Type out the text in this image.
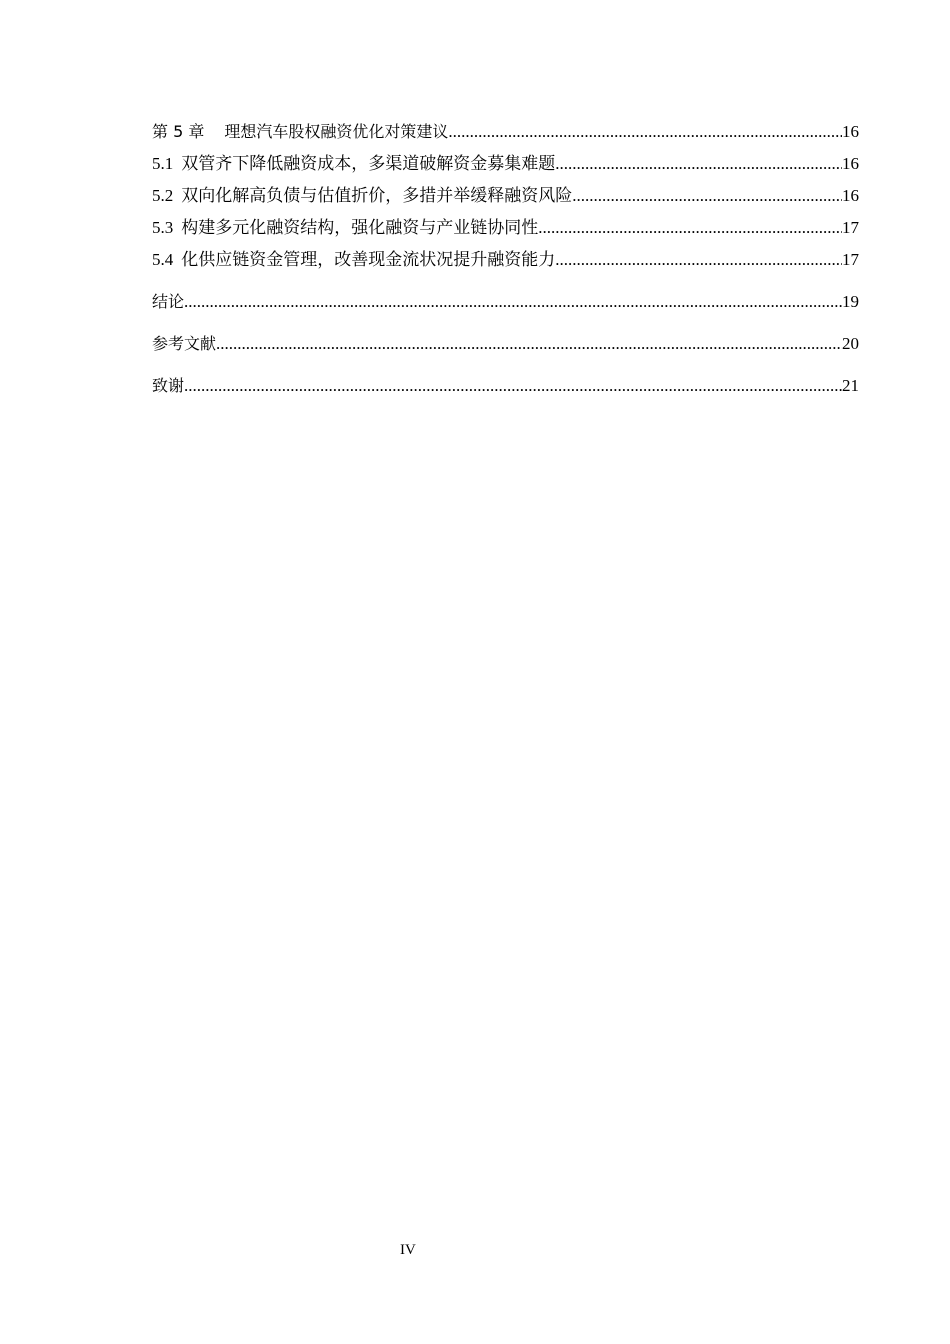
第 5 章 理想汽车股权融资优化对策建议 .....	16
5.1 双管齐下降低融资成本，多渠道破解资金募集难题 .....	16
5.2 双向化解高负债与估值折价，多措并举缓释融资风险 .....	16
5.3 构建多元化融资结构，强化融资与产业链协同性 .....	17
5.4 化供应链资金管理，改善现金流状况提升融资能力 .....	17
结论 .....	19
参考文献 .....	20
致谢 .....	21
IV
